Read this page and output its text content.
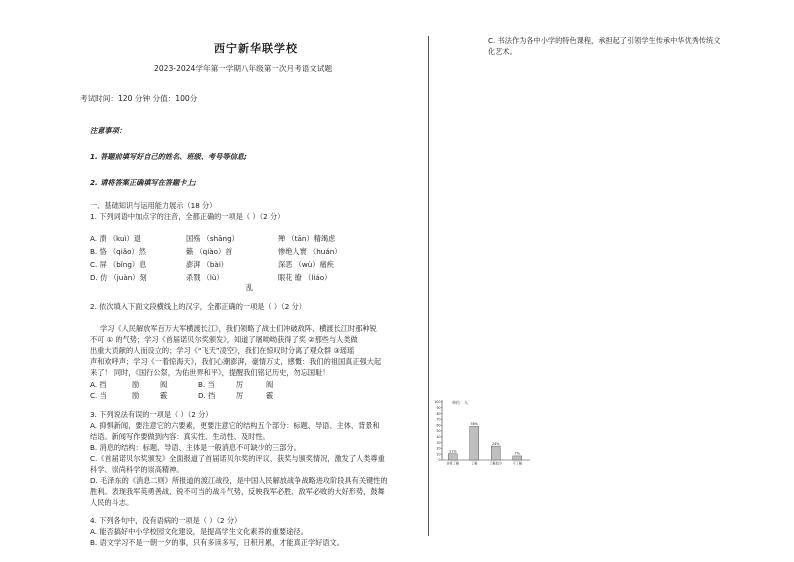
西宁新华联学校
2023-2024学年第一学期八年级第一次月考语文试题
考试时间：120 分钟 分值：100分
注意事项：
1. 答题前填写好自己的姓名、班级、考号等信息;
2. 请将答案正确填写在答题卡上;
一、基础知识与运用能力展示（18 分）
1. 下列词语中加点字的注音，全都正确的一项是（ ）（2 分）
A. 溃 （kuì）退	国殇 （shāng）	殚 （tān）精竭虑
B. 恪 （qiǎo）然	籁 （qiào）首	惨绝人寰 （huán）
C. 屏 （bǐng）息	澎湃 （bài）	深恶 （wù）痛疾
D. 仿 （juàn）刻	杀戮 （lù）	眼花 缭 （liáo）
乱
2. 依次填入下面文段横线上的汉字，全都正确的一项是（ ）（2 分）
学习《人民解放军百万大军横渡长江》，我们领略了战士们冲破敌阵、横渡长江时那种锐
不可 ① 的气势；学习《首届诺贝尔奖颁发》，知道了屠呦呦获得了奖 ②那些与人类做
出重大贡献的人而设立的；学习《“飞天”凌空》，我们在惊叹时分离了观众群 ③瑶瑶
声和欢呼声；学习《一着惊海天》，我们心潮澎湃，豪情万丈，感慨：我们的祖国真正强大起
来了！ 同时，《国行公祭，为佑世界和平》，提醒我们铭记历史，勿忘国耻！
A. 挡	励	阀	B. 当	厉	阀
C. 当	励	霰	D. 挡	厉	霰
3. 下列说法有误的一项是（ ）（2 分）
A. 抑惧新闻，要注意它的六要素，更要注意它的结构五个部分：标题、导语、主体、背景和
结语。新闻写作要做到内容：真实性、生动性、及时性。
B. 消息的结构：标题、导语、主体是一般消息不可缺少的三部分。
C.《首届诺贝尔奖颁发》全面报道了首届诺贝尔奖的评议、获奖与颁奖情况，激发了人类尊重
科学、崇尚科学的崇高精神。
D. 毛泽东的《消息二则》所报道的渡江战役，是中国人民解放战争战略进攻阶段具有关键性的
胜利。表现我军英勇善战、锐不可当的战斗气势，反映我军必胜、敌军必败的大好形势，鼓舞
人民的斗志。
4. 下列各句中，没有语病的一项是（ ）（2 分）
A. 能否搞好中小学校园文化建设，是提高学生文化素养的重要途径。
B. 语文学习不是一朝一夕的事，只有多读多写，日积月累，才能真正学好语文。
C. 书法作为各中小学的特色课程，承担起了引领学生传承中华优秀传统文
化艺术。
单位：人
0
10
20
30
40
50
60
70
80
90
100
11%
非常了解
58%
了解
24%
了解较少
7%
不了解
